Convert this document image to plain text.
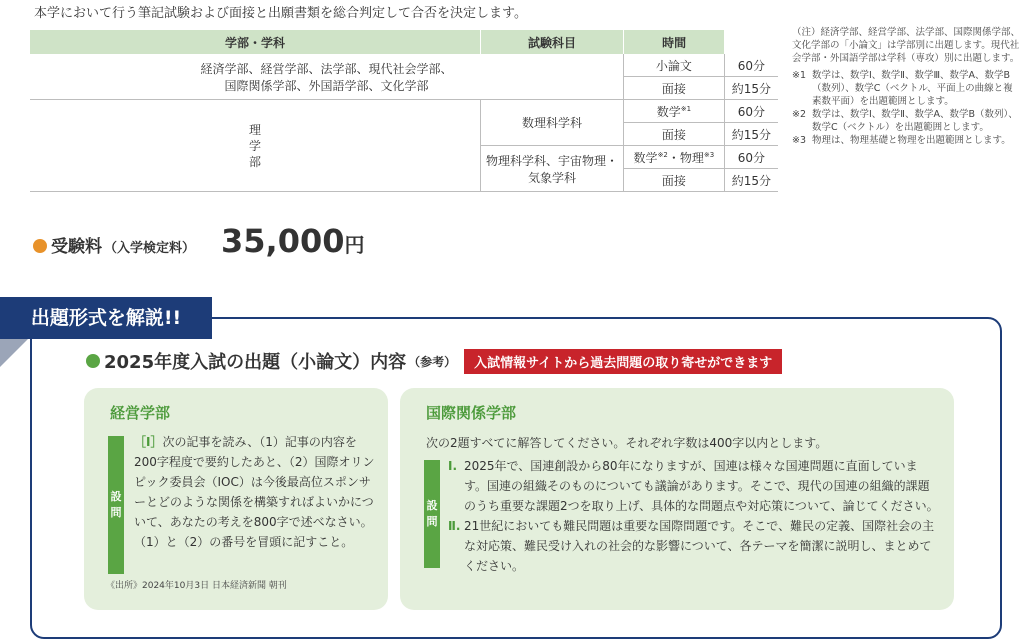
本学において行う筆記試験および面接と出願書類を総合判定して合否を決定します。
学部・学科	試験科目	時間	

経済学部、経営学部、法学部、現代社会学部、
国際関係学部、外国語学部、文化学部		小論文	60分
		面接	約15分

理
学
部	数理科学科	数学$^{※1}$	60分
		面接	約15分
	物理科学科、宇宙物理・気象学科	数学$^{※2}$・物理$^{※3}$	60分
		面接	約15分

（注）経済学部、経営学部、法学部、国際関係学部、文化学部の「小論文」は学部別に出題します。現代社会学部・外国語学部は学科（専攻）別に出題します。

※1 数学は、数学Ⅰ、数学Ⅱ、数学Ⅲ、数学A、数学B（数列）、数学C（ベクトル、平面上の曲線と複素数平面）を出題範囲とします。

※2 数学は、数学Ⅰ、数学Ⅱ、数学A、数学B（数列）、数学C（ベクトル）を出題範囲とします。

※3 物理は、物理基礎と物理を出題範囲とします。

受験料 （入学検定料） 35,000 円
出題形式を解説!!
2025年度入試の出題（小論文）内容 （参考）	入試情報サイトから過去問題の取り寄せができます
経営学部
設
問
［Ⅰ］次の記事を読み、（1）記事の内容を200字程度で要約したあと、（2）国際オリンピック委員会（IOC）は今後最高位スポンサーとどのような関係を構築すればよいかについて、あなたの考えを800字で述べなさい。（1）と（2）の番号を冒頭に記すこと。
《出所》2024年10月3日 日本経済新聞 朝刊
国際関係学部
次の2題すべてに解答してください。それぞれ字数は400字以内とします。
設
問
Ⅰ. 2025年で、国連創設から80年になりますが、国連は様々な国連問題に直面しています。国連の組織そのものについても議論があります。そこで、現代の国連の組織的課題のうち重要な課題2つを取り上げ、具体的な問題点や対応策について、論じてください。
Ⅱ. 21世紀においても難民問題は重要な国際問題です。そこで、難民の定義、国際社会の主な対応策、難民受け入れの社会的な影響について、各テーマを簡潔に説明し、まとめてください。
